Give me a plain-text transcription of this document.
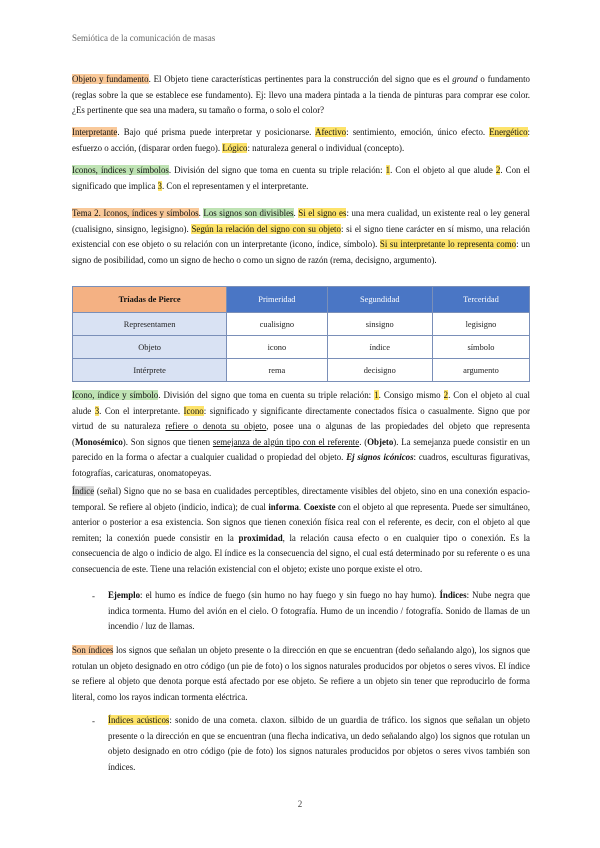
Semiótica de la comunicación de masas
Objeto y fundamento. El Objeto tiene características pertinentes para la construcción del signo que es el ground o fundamento (reglas sobre la que se establece ese fundamento). Ej: llevo una madera pintada a la tienda de pinturas para comprar ese color. ¿Es pertinente que sea una madera, su tamaño o forma, o solo el color?
Interpretante. Bajo qué prisma puede interpretar y posicionarse. Afectivo: sentimiento, emoción, único efecto. Energético: esfuerzo o acción, (disparar orden fuego). Lógico: naturaleza general o individual (concepto).
Iconos, índices y símbolos. División del signo que toma en cuenta su triple relación: 1. Con el objeto al que alude 2. Con el significado que implica 3. Con el representamen y el interpretante.
Tema 2. Iconos, índices y símbolos. Los signos son divisibles. Si el signo es: una mera cualidad, un existente real o ley general (cualisigno, sinsigno, legisigno). Según la relación del signo con su objeto: si el signo tiene carácter en sí mismo, una relación existencial con ese objeto o su relación con un interpretante (icono, índice, símbolo). Si su interpretante lo representa como: un signo de posibilidad, como un signo de hecho o como un signo de razón (rema, decisigno, argumento).
Tríadas de Pierce	Primeridad	Segundidad	Terceridad
Representamen	cualisigno	sinsigno	legisigno
Objeto	icono	índice	símbolo
Intérprete	rema	decisigno	argumento
Icono, índice y símbolo. División del signo que toma en cuenta su triple relación: 1. Consigo mismo 2. Con el objeto al cual alude 3. Con el interpretante. Icono: significado y significante directamente conectados física o casualmente. Signo que por virtud de su naturaleza refiere o denota su objeto, posee una o algunas de las propiedades del objeto que representa (Monosémico). Son signos que tienen semejanza de algún tipo con el referente. (Objeto). La semejanza puede consistir en un parecido en la forma o afectar a cualquier cualidad o propiedad del objeto. Ej signos icónicos: cuadros, esculturas figurativas, fotografías, caricaturas, onomatopeyas.
Índice (señal) Signo que no se basa en cualidades perceptibles, directamente visibles del objeto, sino en una conexión espacio-temporal. Se refiere al objeto (indicio, indica); de cual informa. Coexiste con el objeto al que representa. Puede ser simultáneo, anterior o posterior a esa existencia. Son signos que tienen conexión física real con el referente, es decir, con el objeto al que remiten; la conexión puede consistir en la proximidad, la relación causa efecto o en cualquier tipo o conexión. Es la consecuencia de algo o indicio de algo. El índice es la consecuencia del signo, el cual está determinado por su referente o es una consecuencia de este. Tiene una relación existencial con el objeto; existe uno porque existe el otro.
- Ejemplo: el humo es índice de fuego (sin humo no hay fuego y sin fuego no hay humo). Índices: Nube negra que indica tormenta. Humo del avión en el cielo. O fotografía. Humo de un incendio / fotografía. Sonido de llamas de un incendio / luz de llamas.
Son índices los signos que señalan un objeto presente o la dirección en que se encuentran (dedo señalando algo), los signos que rotulan un objeto designado en otro código (un pie de foto) o los signos naturales producidos por objetos o seres vivos. El índice se refiere al objeto que denota porque está afectado por ese objeto. Se refiere a un objeto sin tener que reproducirlo de forma literal, como los rayos indican tormenta eléctrica.
- Índices acústicos: sonido de una cometa. claxon. silbido de un guardia de tráfico. los signos que señalan un objeto presente o la dirección en que se encuentran (una flecha indicativa, un dedo señalando algo) los signos que rotulan un objeto designado en otro código (pie de foto) los signos naturales producidos por objetos o seres vivos también son índices.
2
